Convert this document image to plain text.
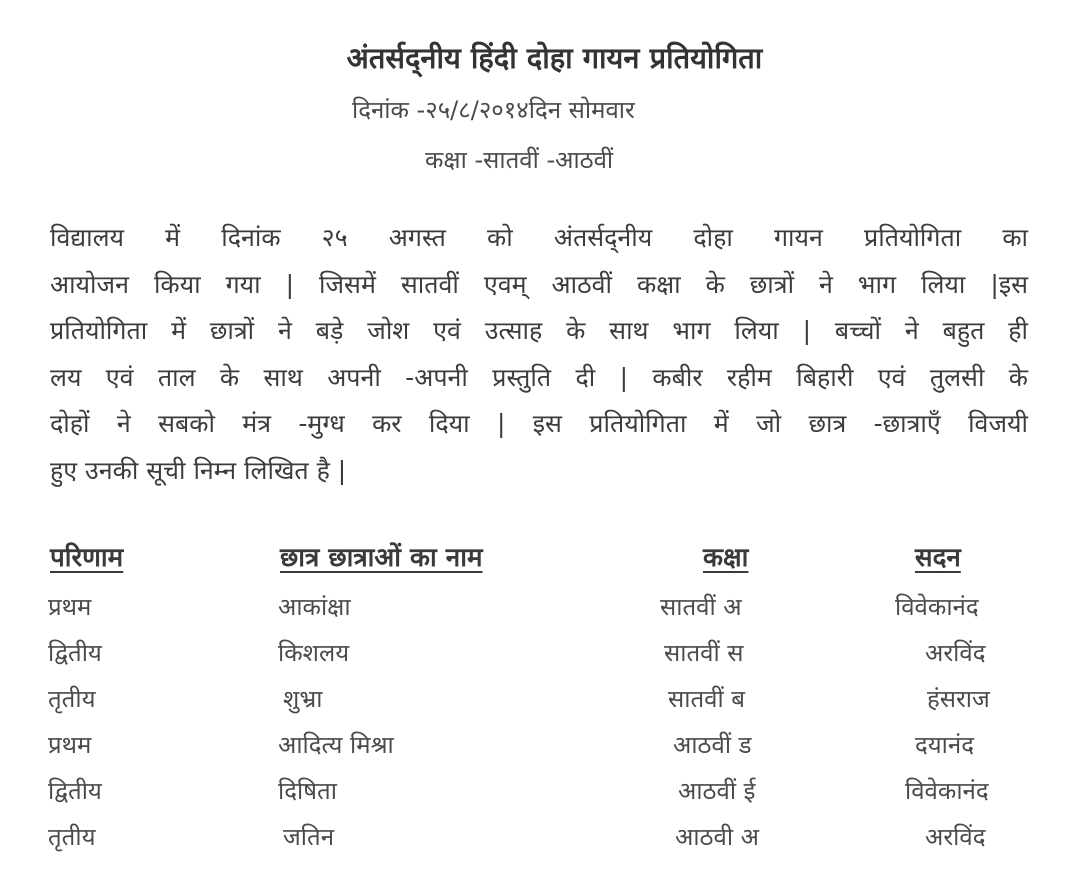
अंतर्सद्नीय हिंदी दोहा गायन प्रतियोगिता
दिनांक -२५/८/२०१४दिन सोमवार
कक्षा -सातवीं -आठवीं
विद्यालय में दिनांक २५ अगस्त को अंतर्सद्नीय दोहा गायन प्रतियोगिता का
आयोजन किया गया | जिसमें सातवीं एवम् आठवीं कक्षा के छात्रों ने भाग लिया |इस
प्रतियोगिता में छात्रों ने बड़े जोश एवं उत्साह के साथ भाग लिया | बच्चों ने बहुत ही
लय एवं ताल के साथ अपनी -अपनी प्रस्तुति दी | कबीर रहीम बिहारी एवं तुलसी के
दोहों ने सबको मंत्र -मुग्ध कर दिया | इस प्रतियोगिता में जो छात्र -छात्राएँ विजयी
हुए उनकी सूची निम्न लिखित है |
परिणाम	छात्र छात्राओं का नाम	कक्षा	सदन
प्रथम	आकांक्षा	सातवीं अ	विवेकानंद
द्वितीय	किशलय	सातवीं स	अरविंद
तृतीय	शुभ्रा	सातवीं ब	हंसराज
प्रथम	आदित्य मिश्रा	आठवीं ड	दयानंद
द्वितीय	दिषिता	आठवीं ई	विवेकानंद
तृतीय	जतिन	आठवी अ	अरविंद
